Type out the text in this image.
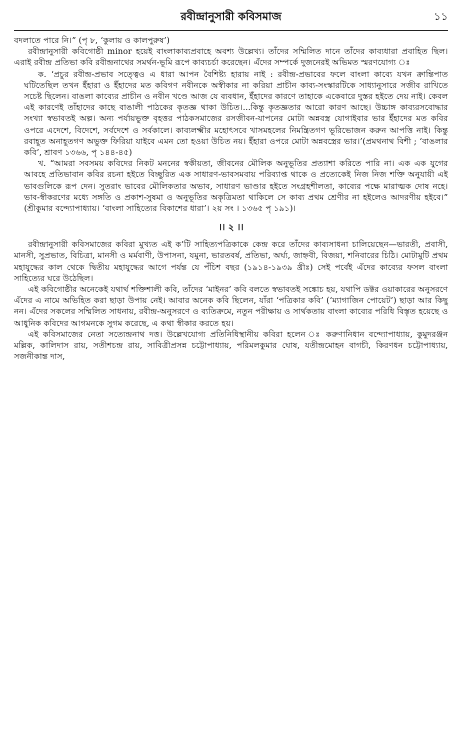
রবীন্দ্রানুসারী কবিসমাজ	১১

বদলাতে পারে নি।” (পৃ ৮, ‘কুলায় ও কালপুরুষ’)

রবীন্দ্রানুসারী কবিগোষ্ঠী minor হয়েই বাংলাকাব্যপ্রবাহে অবশ্য উল্লেখ্য। তাঁদের সম্মিলিত দানে তাঁদের কাব্যধারা প্রবাহিত ছিল। এরাই রবীন্দ্র প্রতিভা কবি রবীন্দ্রনাথের সমর্থন-ভূমি রূপে কাব্যচর্চা করেছেন। এঁদের সম্পর্কে দুজনেরই অভিমত স্মরণযোগ্য ঃ

ক. ‘প্রচুর রবীন্দ্র-প্রভাব সত্ত্বেও এ ধারা আপন বৈশিষ্ট্য হারায় নাই : রবীন্দ্র-প্রভাবের ফলে বাংলা কাব্যে যখন ক্রান্তিপাত ঘটিতেছিল তখন ইঁহারা ও ইঁহাদের মত কবিগণ নবীনকে অস্বীকার না করিয়া প্রাচীন কাব্য-সংস্কারটিকে সাধ্যানুসারে সজীব রাখিতে সচেষ্ট ছিলেন। বাঙলা কাব্যের প্রাচীন ও নবীন খণ্ডে আজ যে ব্যবধান, ইঁহাদের কারণে তাহাকে একেবারে দুস্তর হইতে দেয় নাই। কেবল এই কারণেই তাঁহাদের কাছে বাঙালী পাঠকের কৃতজ্ঞ থাকা উচিত।...কিন্তু কৃতজ্ঞতার আরো কারণ আছে। উচ্চাঙ্গ কাব্যরসবোদ্ধার সংখ্যা স্বভাবতই অল্প। অন্য পর্যায়ভুক্ত বৃহত্তর পাঠকসমাজের রসজীবন-যাপনের মোটা অন্নবস্ত্র যোগাইবার ভার ইঁহাদের মত কবির ওপরে এদেশে, বিদেশে, সর্বদেশে ও সর্বকালে। কাব্যলক্ষ্মীর মহোৎসবে খাসমহলের নিমন্ত্রিতগণ ভূরিভোজন করুন আপত্তি নাই। কিন্তু রবাহূত অনাহূতগণ অভুক্ত ফিরিয়া যাইবে এমন তো হওয়া উচিত নয়। ইঁহারা ওপরে মোটা অন্নবস্ত্রের ভার।’(প্রমথনাথ বিশী ; ‘বাঙলার কবি’, শ্রাবণ ১৩৬৬, পৃ ১৪৪-৪৫)

খ. “আমরা সবসময় কবিদের নিকট মননের স্বকীয়তা, জীবনের মৌলিক অনুভূতির প্রত্যাশা করিতে পারি না। এক এক যুগের আবহে প্রতিভাবান কবির রচনা হইতে বিচ্ছুরিত এক সাধারণ-ভাবসমবায় পরিব্যাপ্ত থাকে ও প্রত্যেকেই নিজ নিজ শক্তি অনুযায়ী এই ভাবগুলিকে রূপ দেন। সুতরাং ভাবের মৌলিকতার অভাব, সাধারণ ভাণ্ডার হইতে সংগ্রহশীলতা, কাব্যের পক্ষে মারাত্মক দোষ নহে। ভাব-স্বীকরণের মধ্যে সঙ্গতি ও প্রকাশ-সুষমা ও অনুভূতির অকৃত্রিমতা থাকিলে সে কাব্য প্রথম শ্রেণীর না হইলেও আদরণীয় হইবে।” (শ্রীকুমার বন্দ্যোপাধ্যায়। ‘বাংলা সাহিত্যের বিকাশের ধারা’। ২য় সং । ১৩৬৫ পৃ ১৯১)।

।। ২ ।।

রবীন্দ্রানুসারী কবিসমাজের কবিরা মুখ্যত এই ক’টি সাহিত্যপত্রিকাকে কেন্দ্র করে তাঁদের কাব্যসাধনা চালিয়েছেন—ভারতী, প্রবাসী, মানসী, সুপ্রভাত, বিচিত্রা, মানসী ও মর্মবাণী, উপাসনা, যমুনা, ভারতবর্ষ, প্রতিভা, অর্ঘ্য, জাহ্নবী, বিজয়া, শনিবারের চিঠি। মোটামুটি প্রথম মহাযুদ্ধের কাল থেকে দ্বিতীয় মহাযুদ্ধের আগে পর্যন্ত যে পঁচিশ বছর (১৯১৪-১৯৩৯ খ্রীঃ) সেই পর্বেই এঁদের কাব্যের ফসল বাংলা সাহিত্যের ঘরে উঠেছিল।

এই কবিগোষ্ঠীর অনেকেই যথার্থ শক্তিশালী কবি, তাঁদের ‘মাইনর’ কবি বলতে স্বভাবতই সঙ্কোচ হয়, যথাপি ডক্টর ওয়াকারের অনুসরণে এঁদের এ নামে অভিহিত করা ছাড়া উপায় নেই। আবার অনেক কবি ছিলেন, যাঁরা ‘পত্রিকার কবি’ (‘ম্যাগাজিন পোয়েট’) ছাড়া আর কিছু নন। এঁদের সকলের সম্মিলিত সাধনায়, রবীন্দ্র-অনুসরণে ও ব্যতিক্রমে, নতুন পরীক্ষায় ও সার্থকতায় বাংলা কাব্যের পরিধি বিস্তৃত হয়েছে ও আধুনিক কবিদের আগমনকে সুগম করেছে, এ কথা স্বীকার করতে হয়।

এই কবিসমাজের নেতা সত্যেন্দ্রনাথ দত্ত। উল্লেখযোগ্য প্রতিনিধিস্থানীয় কবিরা হলেন ঃ করুণানিধান বন্দ্যোপাধ্যায়, কুমুদরঞ্জন মল্লিক, কালিদাস রায়, সতীশচন্দ্র রায়, সাবিত্রীপ্রসন্ন চট্টোপাধ্যায়, পরিমলকুমার ঘোষ, যতীন্দ্রমোহন বাগচী, কিরণধন চট্টোপাধ্যায়, সজনীকান্ত দাস,
